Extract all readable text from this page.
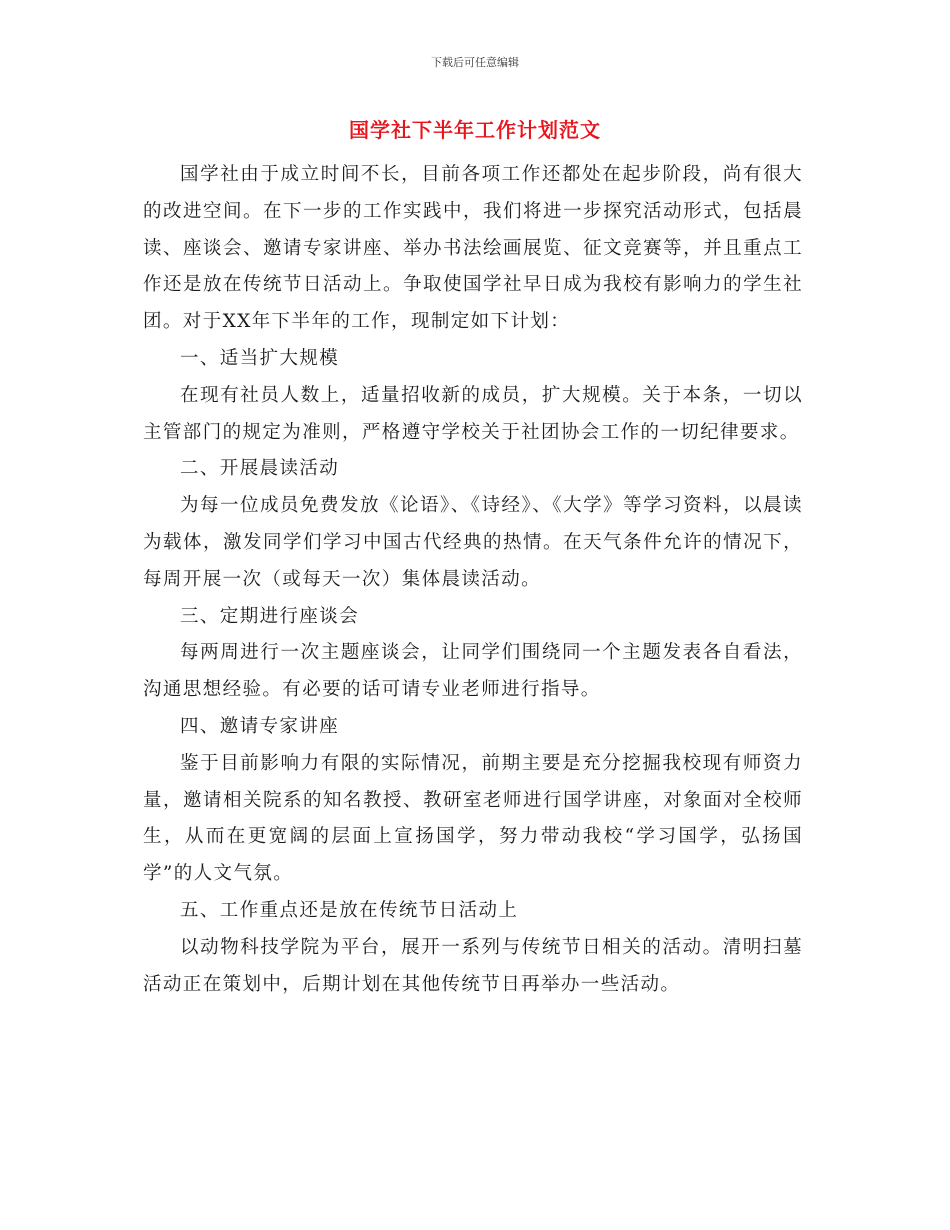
下载后可任意编辑
国学社下半年工作计划范文

国学社由于成立时间不长，目前各项工作还都处在起步阶段，尚有很大的改进空间。在下一步的工作实践中，我们将进一步探究活动形式，包括晨读、座谈会、邀请专家讲座、举办书法绘画展览、征文竞赛等，并且重点工作还是放在传统节日活动上。争取使国学社早日成为我校有影响力的学生社团。对于XX年下半年的工作，现制定如下计划：

一、适当扩大规模

在现有社员人数上，适量招收新的成员，扩大规模。关于本条，一切以主管部门的规定为准则，严格遵守学校关于社团协会工作的一切纪律要求。

二、开展晨读活动

为每一位成员免费发放《论语》、《诗经》、《大学》等学习资料，以晨读为载体，激发同学们学习中国古代经典的热情。在天气条件允许的情况下，每周开展一次（或每天一次）集体晨读活动。

三、定期进行座谈会

每两周进行一次主题座谈会，让同学们围绕同一个主题发表各自看法，沟通思想经验。有必要的话可请专业老师进行指导。

四、邀请专家讲座

鉴于目前影响力有限的实际情况，前期主要是充分挖掘我校现有师资力量，邀请相关院系的知名教授、教研室老师进行国学讲座，对象面对全校师生，从而在更宽阔的层面上宣扬国学，努力带动我校“学习国学，弘扬国学”的人文气氛。

五、工作重点还是放在传统节日活动上

以动物科技学院为平台，展开一系列与传统节日相关的活动。清明扫墓活动正在策划中，后期计划在其他传统节日再举办一些活动。
